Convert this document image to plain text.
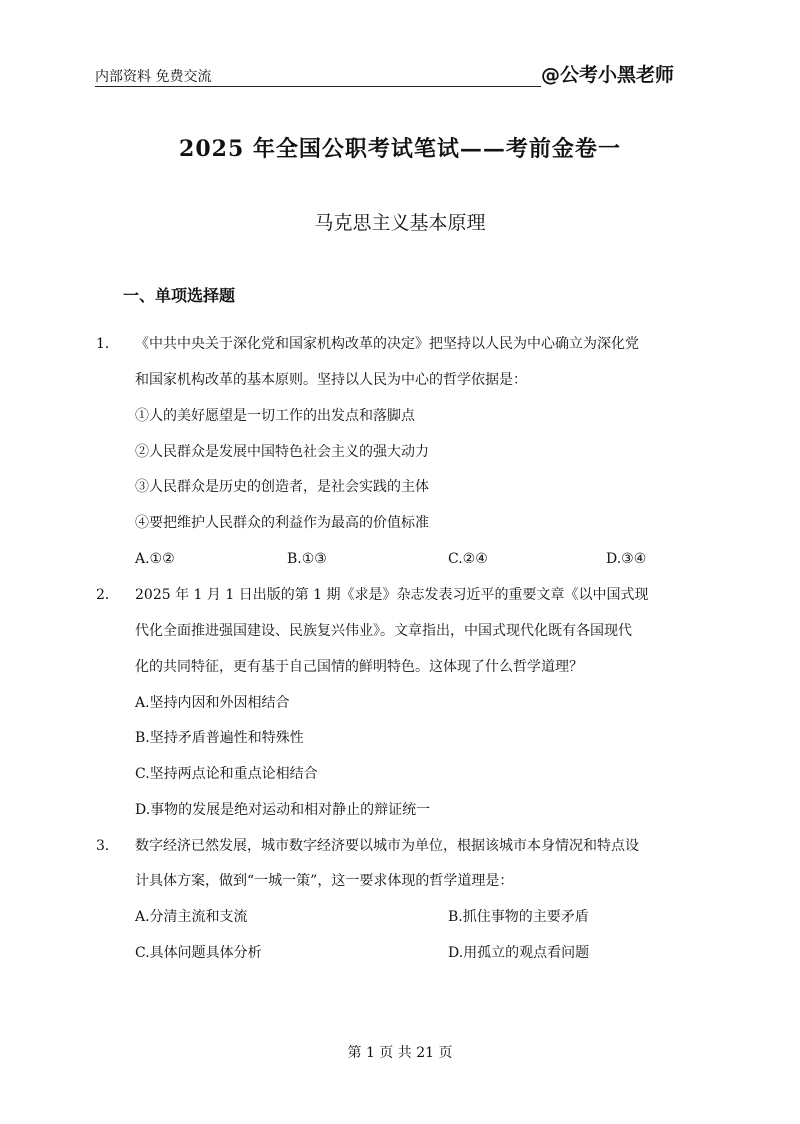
内部资料 免费交流	@公考小黑老师
2025 年全国公职考试笔试——考前金卷一
马克思主义基本原理
一、单项选择题
1． 《中共中央关于深化党和国家机构改革的决定》把坚持以人民为中心确立为深化党
和国家机构改革的基本原则。坚持以人民为中心的哲学依据是：
①人的美好愿望是一切工作的出发点和落脚点
②人民群众是发展中国特色社会主义的强大动力
③人民群众是历史的创造者，是社会实践的主体
④要把维护人民群众的利益作为最高的价值标准
A.①②	B.①③	C.②④	D.③④
2． 2025 年 1 月 1 日出版的第 1 期《求是》杂志发表习近平的重要文章《以中国式现
代化全面推进强国建设、民族复兴伟业》。文章指出，中国式现代化既有各国现代
化的共同特征，更有基于自己国情的鲜明特色。这体现了什么哲学道理？
A.坚持内因和外因相结合
B.坚持矛盾普遍性和特殊性
C.坚持两点论和重点论相结合
D.事物的发展是绝对运动和相对静止的辩证统一
3． 数字经济已然发展，城市数字经济要以城市为单位，根据该城市本身情况和特点设
计具体方案，做到“一城一策”，这一要求体现的哲学道理是：
A.分清主流和支流	B.抓住事物的主要矛盾
C.具体问题具体分析	D.用孤立的观点看问题
第 1 页 共 21 页
